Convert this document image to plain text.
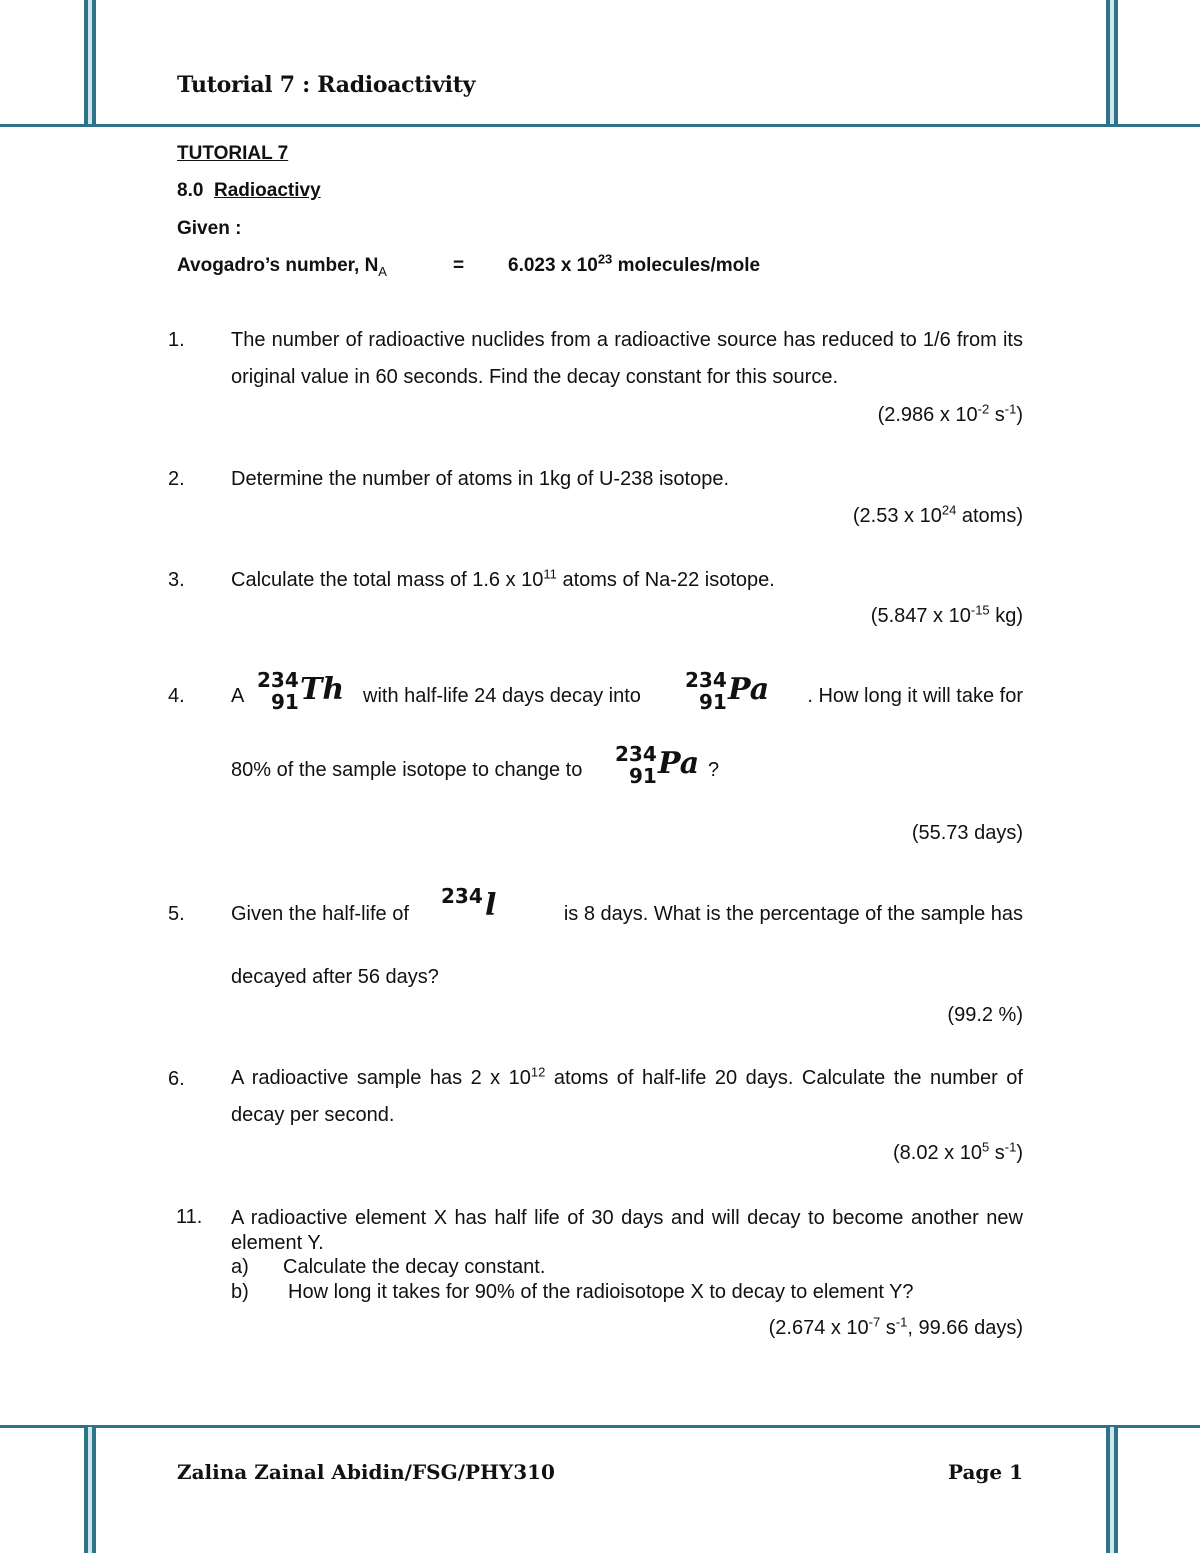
Tutorial 7 : Radioactivity
TUTORIAL 7
8.0 Radioactivy
Given :
Avogadro’s number, $N_A$	= 6.023 x $10^{23}$ molecules/mole
1. The number of radioactive nuclides from a radioactive source has reduced to 1/6 from its original value in 60 seconds. Find the decay constant for this source.
(2.986 x $10^{-2}$ $s^{-1}$)
2. Determine the number of atoms in 1kg of U-238 isotope.
(2.53 x $10^{24}$ atoms)
3. Calculate the total mass of 1.6 x $10^{11}$ atoms of Na-22 isotope.
(5.847 x $10^{-15}$ kg)
4. A
234
91 Th with half-life 24 days decay into
234
91 Pa . How long it will take for
80% of the sample isotope to change to
234
91 Pa ?
(55.73 days)
5. Given the half-life of
234 l	is 8 days. What is the percentage of the sample has
decayed after 56 days?
(99.2 %)
6. A radioactive sample has 2 x $10^{12}$ atoms of half-life 20 days. Calculate the number of decay per second.
(8.02 x $10^5$ $s^{-1}$)
11. A radioactive element X has half life of 30 days and will decay to become another new element Y.
a) Calculate the decay constant.
b) How long it takes for 90% of the radioisotope X to decay to element Y?
(2.674 x $10^{-7}$ $s^{-1}$, 99.66 days)
Zalina Zainal Abidin/FSG/PHY310	Page 1
